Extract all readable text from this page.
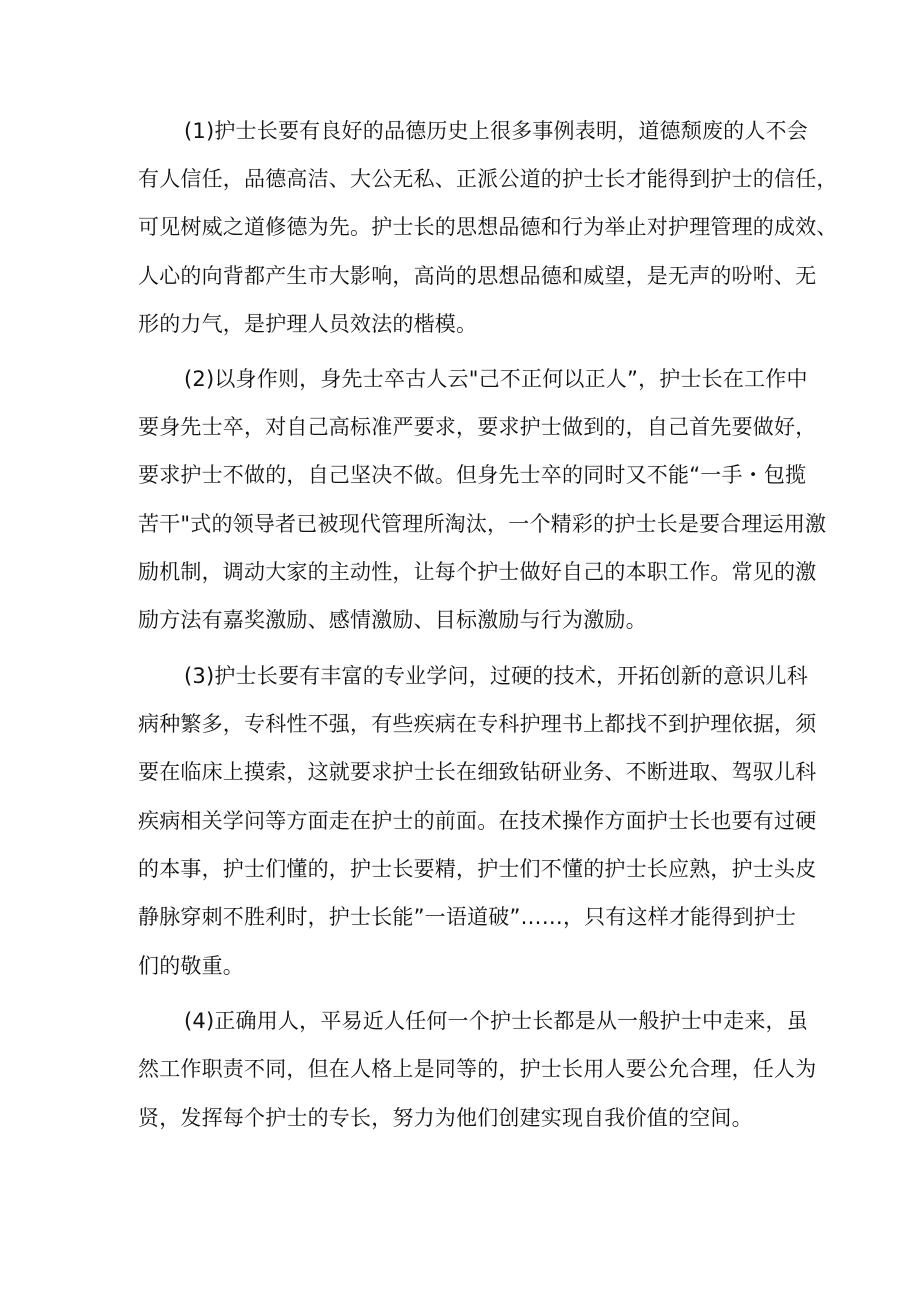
(1)护士长要有良好的品德历史上很多事例表明，道德颓废的人不会
有人信任，品德高洁、大公无私、正派公道的护士长才能得到护士的信任，
可见树威之道修德为先。护士长的思想品德和行为举止对护理管理的成效、
人心的向背都产生市大影响，高尚的思想品德和威望，是无声的吩咐、无
形的力气，是护理人员效法的楷模。
(2)以身作则，身先士卒古人云"己不正何以正人”，护士长在工作中
要身先士卒，对自己高标准严要求，要求护士做到的，自己首先要做好，
要求护士不做的，自己坚决不做。但身先士卒的同时又不能“一手・包揽
苦干"式的领导者已被现代管理所淘汰，一个精彩的护士长是要合理运用激
励机制，调动大家的主动性，让每个护士做好自己的本职工作。常见的激
励方法有嘉奖激励、感情激励、目标激励与行为激励。
(3)护士长要有丰富的专业学问，过硬的技术，开拓创新的意识儿科
病种繁多，专科性不强，有些疾病在专科护理书上都找不到护理依据，须
要在临床上摸索，这就要求护士长在细致钻研业务、不断进取、驾驭儿科
疾病相关学问等方面走在护士的前面。在技术操作方面护士长也要有过硬
的本事，护士们懂的，护士长要精，护士们不懂的护士长应熟，护士头皮
静脉穿刺不胜利时，护士长能”一语道破”……，只有这样才能得到护士
们的敬重。
(4)正确用人，平易近人任何一个护士长都是从一般护士中走来，虽
然工作职责不同，但在人格上是同等的，护士长用人要公允合理，任人为
贤，发挥每个护士的专长，努力为他们创建实现自我价值的空间。
